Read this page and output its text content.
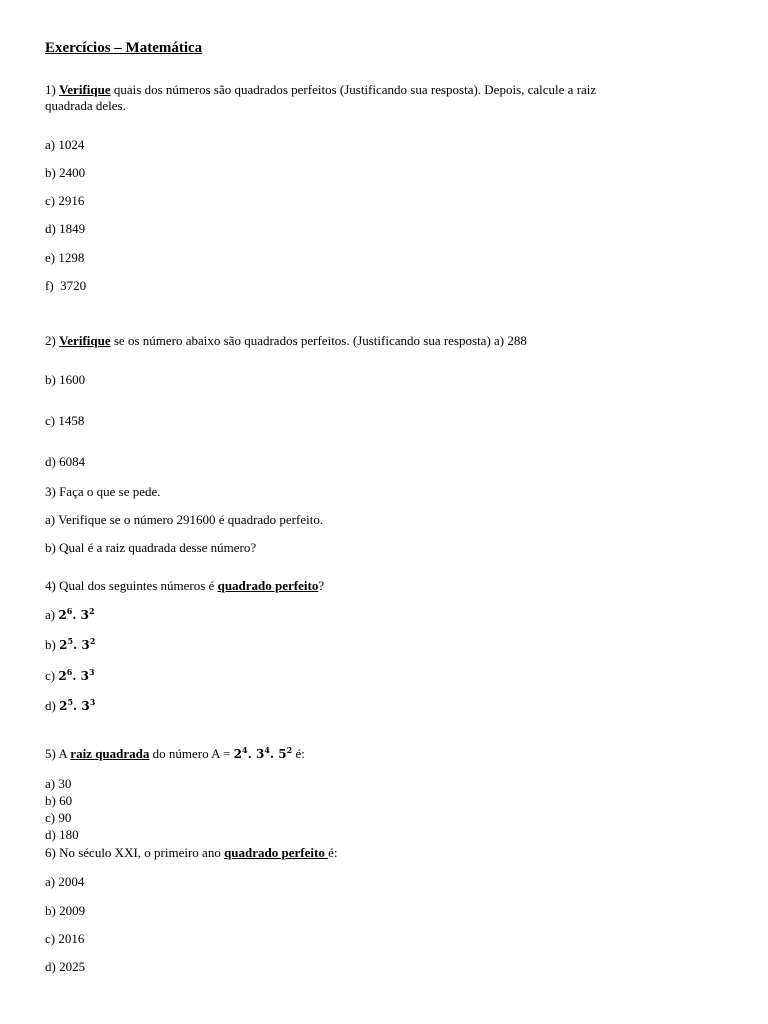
Exercícios – Matemática
1) Verifique quais dos números são quadrados perfeitos (Justificando sua resposta). Depois, calcule a raiz
quadrada deles.
a) 1024
b) 2400
c) 2916
d) 1849
e) 1298
f)  3720
2) Verifique se os número abaixo são quadrados perfeitos. (Justificando sua resposta) a) 288
b) 1600
c) 1458
d) 6084
3) Faça o que se pede.
a) Verifique se o número 291600 é quadrado perfeito.
b) Qual é a raiz quadrada desse número?
4) Qual dos seguintes números é quadrado perfeito?
a) $2^6$. $3^2$
b) $2^5$. $3^2$
c) $2^6$. $3^3$
d) $2^5$. $3^3$
5) A raiz quadrada do número $A = 2^4$. $3^4$. $5^2$ é:
a) 30
b) 60
c) 90
d) 180
6) No século XXI, o primeiro ano quadrado perfeito é:
a) 2004
b) 2009
c) 2016
d) 2025
